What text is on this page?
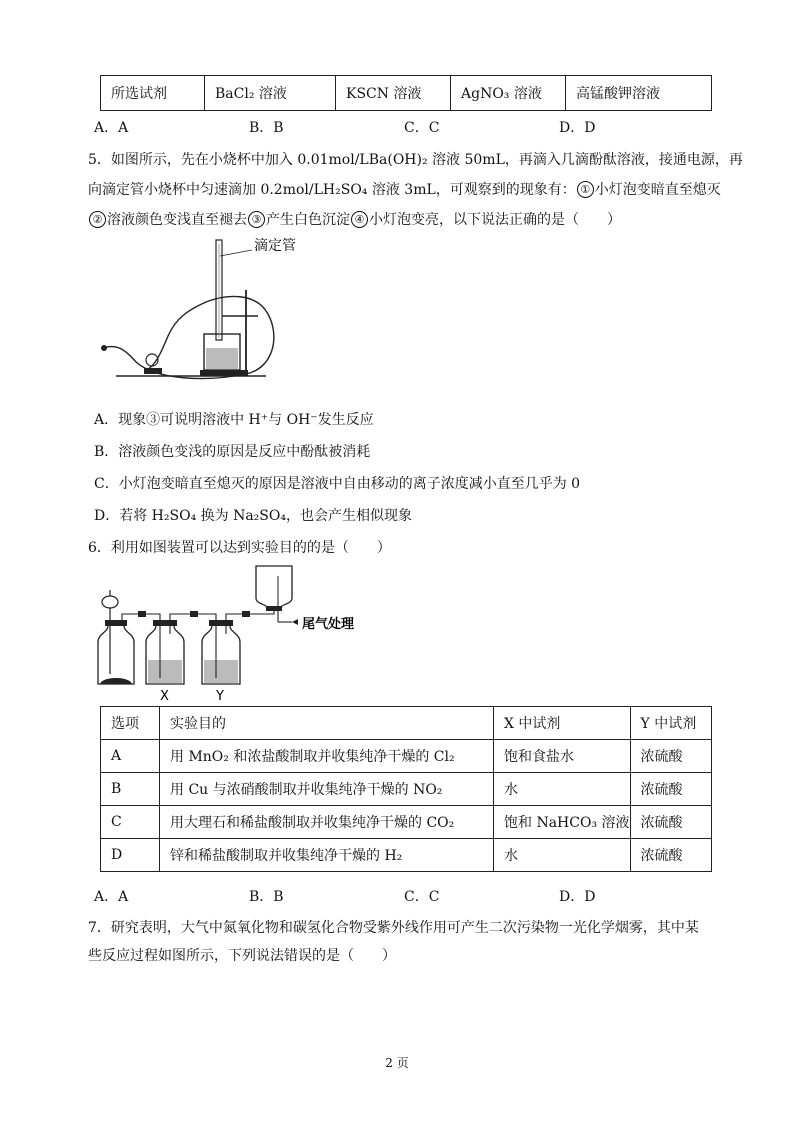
所选试剂	BaCl₂ 溶液	KSCN 溶液	AgNO₃ 溶液	高锰酸钾溶液
A．A	B．B	C．C	D．D
5．如图所示，先在小烧杯中加入 0.01mol/LBa(OH)₂ 溶液 50mL，再滴入几滴酚酞溶液，接通电源，再
向滴定管小烧杯中匀速滴加 0.2mol/LH₂SO₄ 溶液 3mL，可观察到的现象有： ① 小灯泡变暗直至熄灭
② 溶液颜色变浅直至褪去 ③ 产生白色沉淀 ④ 小灯泡变亮，以下说法正确的是（　　）
滴定管
A．现象③可说明溶液中 H⁺与 OH⁻发生反应
B．溶液颜色变浅的原因是反应中酚酞被消耗
C．小灯泡变暗直至熄灭的原因是溶液中自由移动的离子浓度减小直至几乎为 0
D．若将 H₂SO₄ 换为 Na₂SO₄，也会产生相似现象
6．利用如图装置可以达到实验目的的是（　　）
尾气处理
X	Y
选项	实验目的	X 中试剂	Y 中试剂
A	用 MnO₂ 和浓盐酸制取并收集纯净干燥的 Cl₂	饱和食盐水	浓硫酸
B	用 Cu 与浓硝酸制取并收集纯净干燥的 NO₂	水	浓硫酸
C	用大理石和稀盐酸制取并收集纯净干燥的 CO₂	饱和 NaHCO₃ 溶液	浓硫酸
D	锌和稀盐酸制取并收集纯净干燥的 H₂	水	浓硫酸
A．A	B．B	C．C	D．D
7．研究表明，大气中氮氧化物和碳氢化合物受紫外线作用可产生二次污染物一光化学烟雾，其中某
些反应过程如图所示，下列说法错误的是（　　）
2 页
